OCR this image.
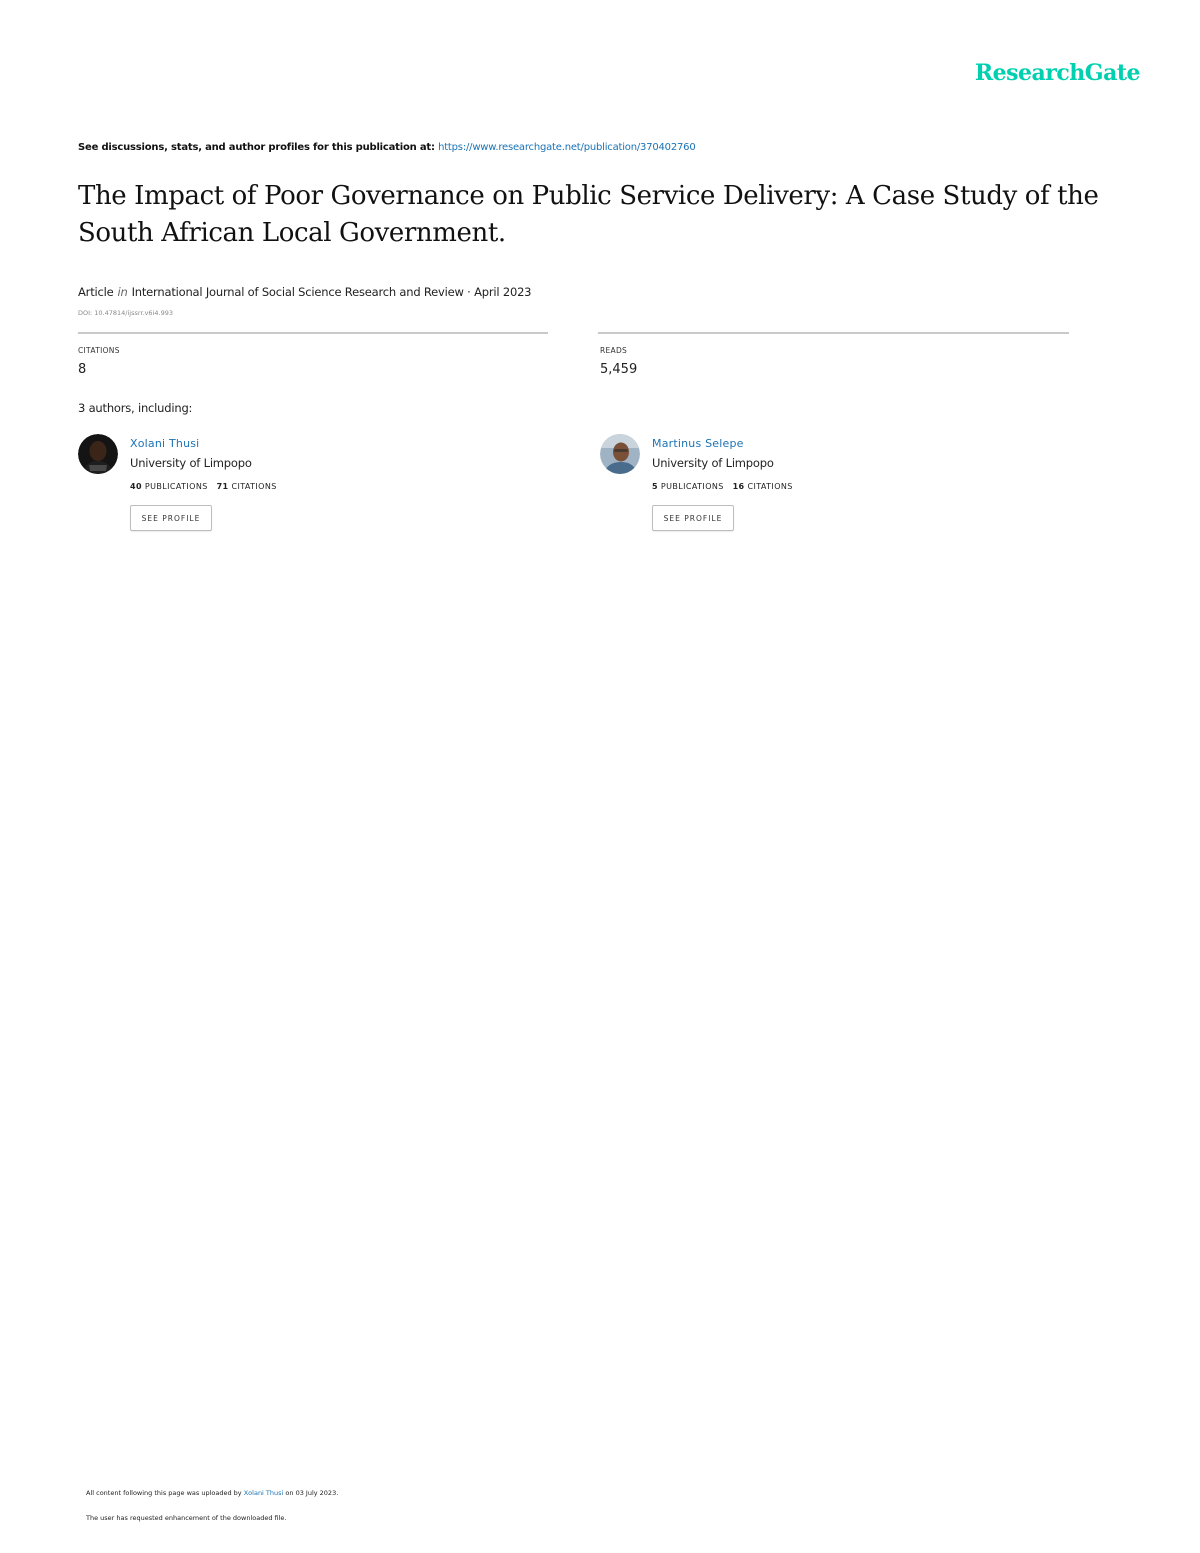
ResearchGate
See discussions, stats, and author profiles for this publication at: https://www.researchgate.net/publication/370402760
The Impact of Poor Governance on Public Service Delivery: A Case Study of the South African Local Government.
Article in International Journal of Social Science Research and Review · April 2023
DOI: 10.47814/ijssrr.v6i4.993
CITATIONS
8
READS
5,459
3 authors, including:
Xolani Thusi
University of Limpopo
40 PUBLICATIONS 71 CITATIONS
SEE PROFILE
Martinus Selepe
University of Limpopo
5 PUBLICATIONS 16 CITATIONS
SEE PROFILE
All content following this page was uploaded by Xolani Thusi on 03 July 2023.
The user has requested enhancement of the downloaded file.
